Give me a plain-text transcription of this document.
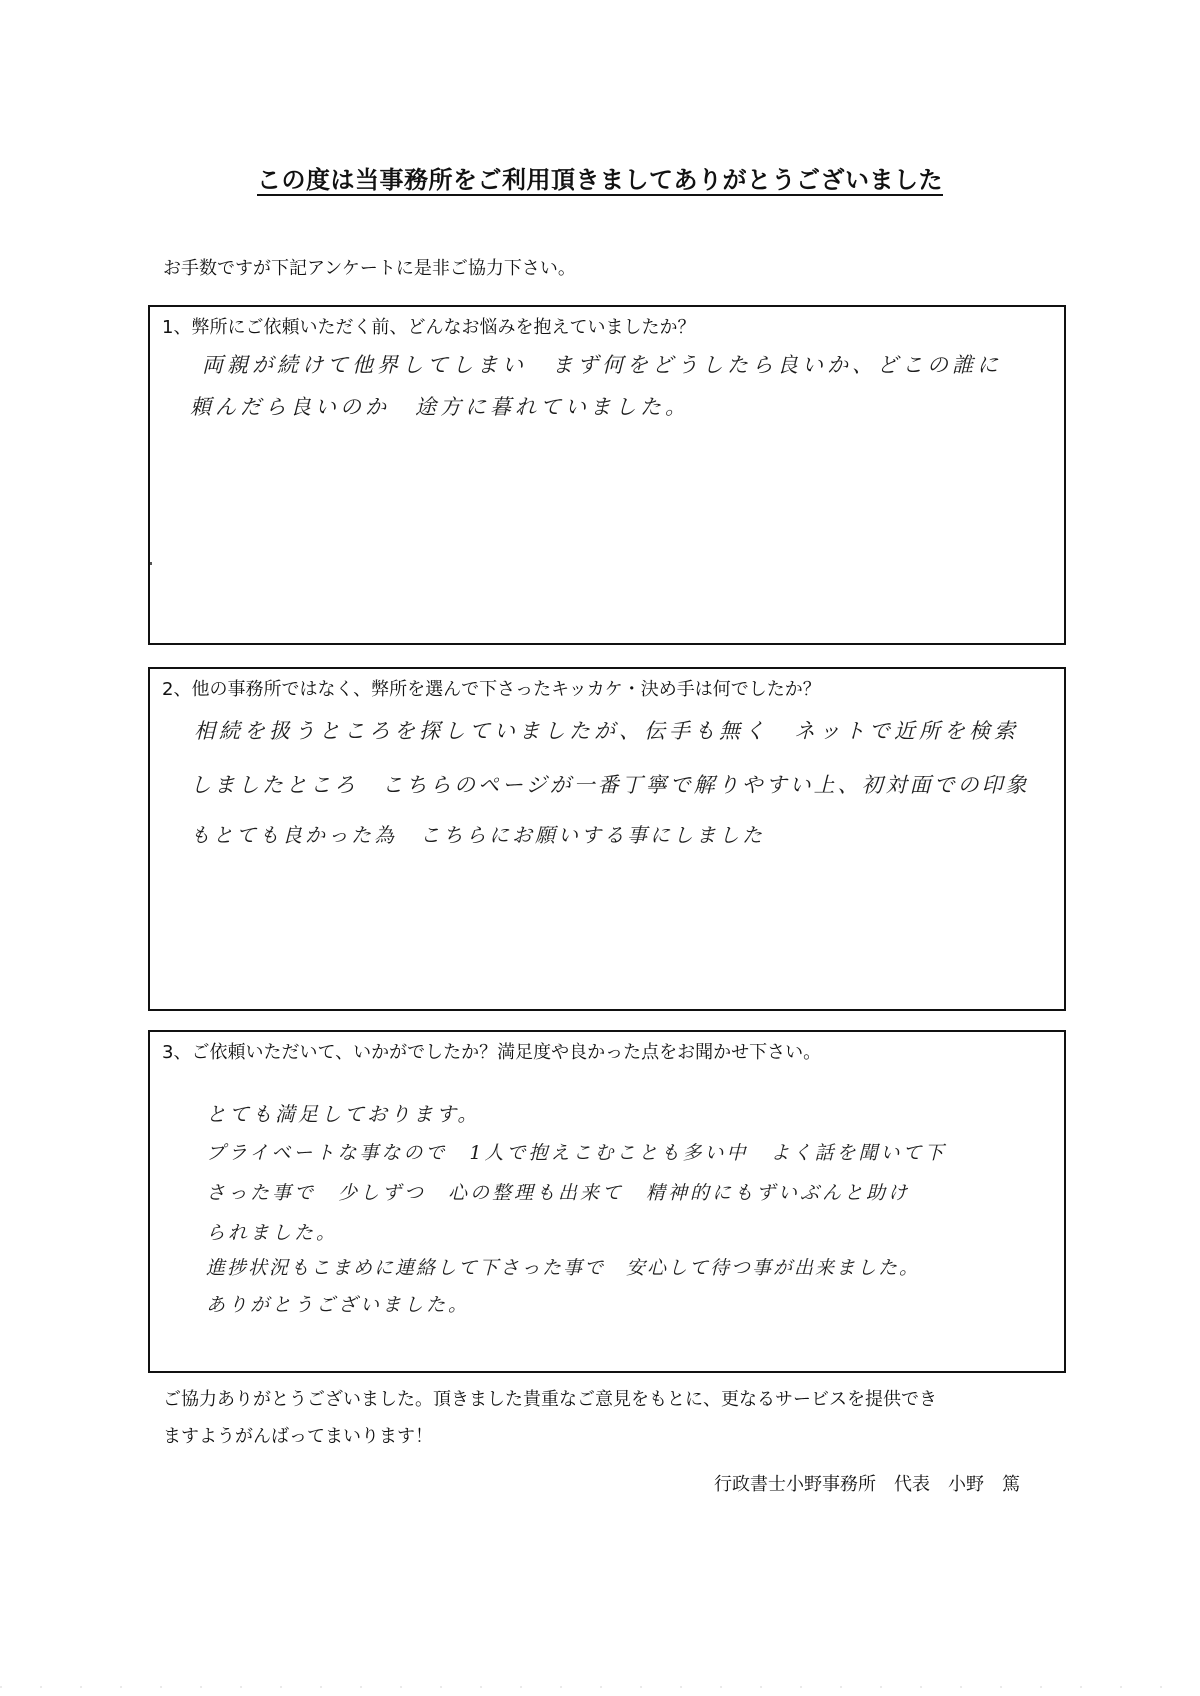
この度は当事務所をご利用頂きましてありがとうございました
お手数ですが下記アンケートに是非ご協力下さい。
1、弊所にご依頼いただく前、どんなお悩みを抱えていましたか？
両親が続けて他界してしまい　まず何をどうしたら良いか、どこの誰に
頼んだら良いのか　途方に暮れていました。
2、他の事務所ではなく、弊所を選んで下さったキッカケ・決め手は何でしたか？
相続を扱うところを探していましたが、伝手も無く　ネットで近所を検索
しましたところ　こちらのページが一番丁寧で解りやすい上、初対面での印象
もとても良かった為　こちらにお願いする事にしました
3、ご依頼いただいて、いかがでしたか？満足度や良かった点をお聞かせ下さい。
とても満足しております。
プライベートな事なので　1人で抱えこむことも多い中　よく話を聞いて下
さった事で　少しずつ　心の整理も出来て　精神的にもずいぶんと助け
られました。
進捗状況もこまめに連絡して下さった事で　安心して待つ事が出来ました。
ありがとうございました。
ご協力ありがとうございました。頂きました貴重なご意見をもとに、更なるサービスを提供でき
ますようがんばってまいります！
行政書士小野事務所　代表　小野　篤
